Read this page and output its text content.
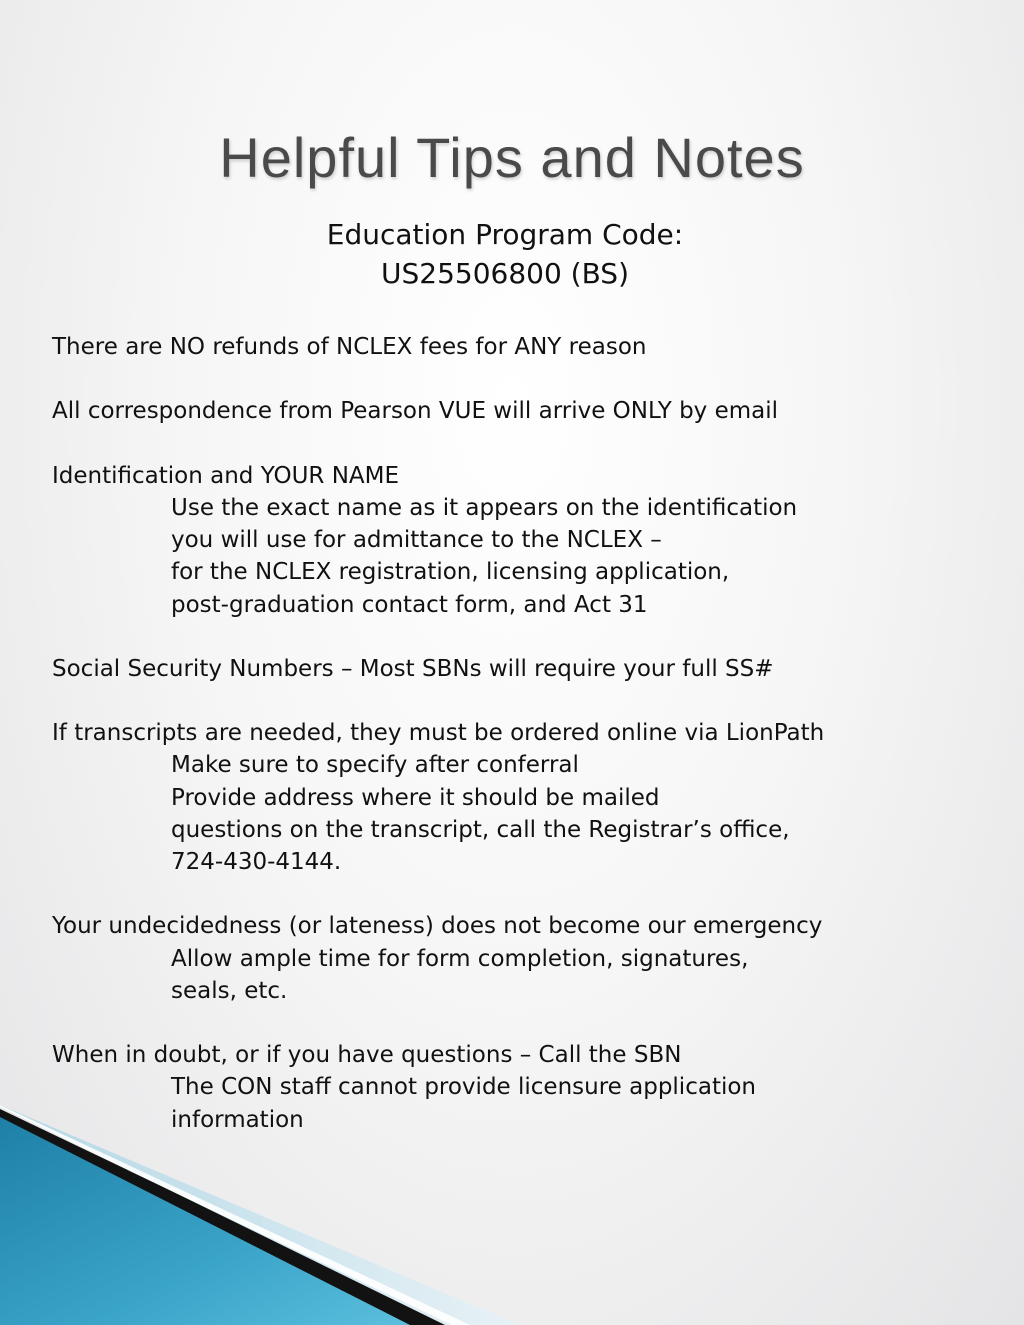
Helpful Tips and Notes
Education Program Code:
US25506800 (BS)
There are NO refunds of NCLEX fees for ANY reason
All correspondence from Pearson VUE will arrive ONLY by email
Identification and YOUR NAME
Use the exact name as it appears on the identification
you will use for admittance to the NCLEX –
for the NCLEX registration, licensing application,
post-graduation contact form, and Act 31
Social Security Numbers – Most SBNs will require your full SS#
If transcripts are needed, they must be ordered online via LionPath
Make sure to specify after conferral
Provide address where it should be mailed
questions on the transcript, call the Registrar’s office,
724-430-4144.
Your undecidedness (or lateness) does not become our emergency
Allow ample time for form completion, signatures,
seals, etc.
When in doubt, or if you have questions – Call the SBN
The CON staff cannot provide licensure application
information
